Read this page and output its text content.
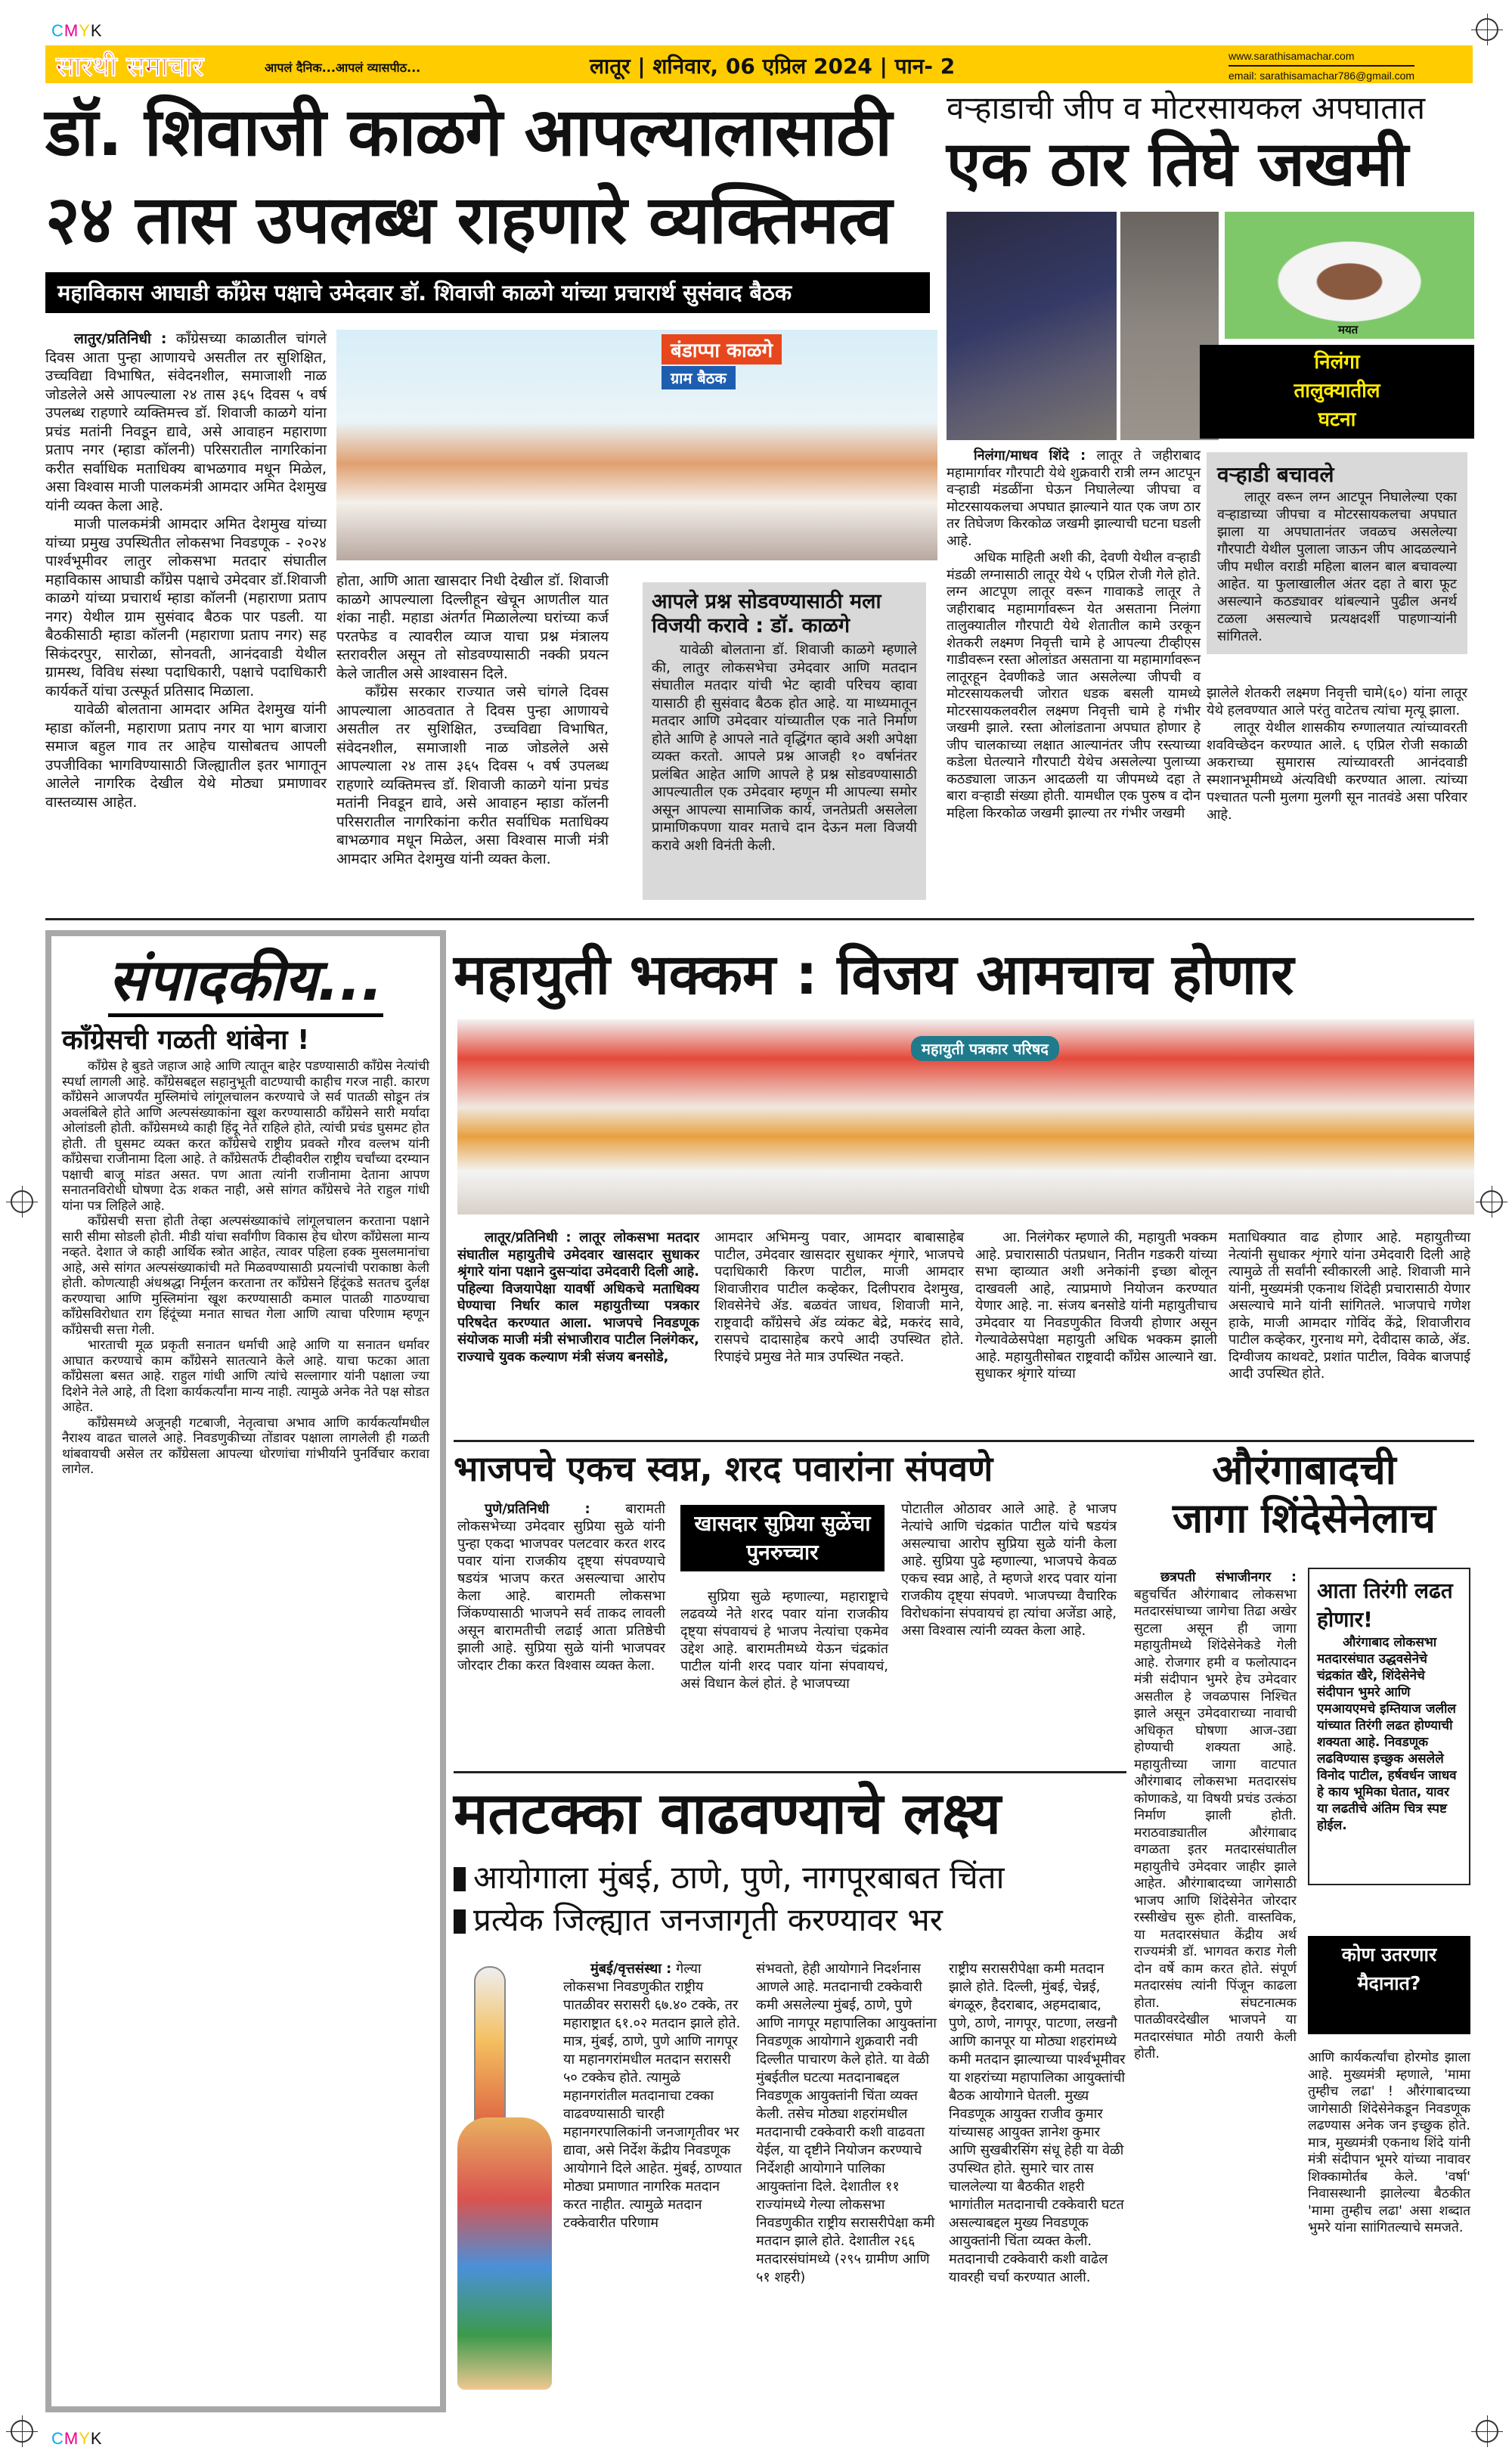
CMYK
CMYK
सारथी समाचार	आपलं दैनिक...आपलं व्यासपीठ...	लातूर | शनिवार, 06 एप्रिल 2024 | पान- 2	www.sarathisamachar.com
email: sarathisamachar786@gmail.com
डॉ. शिवाजी काळगे आपल्यालासाठी
२४ तास उपलब्ध राहणारे व्यक्तिमत्व
महाविकास आघाडी काँग्रेस पक्षाचे उमेदवार डॉ. शिवाजी काळगे यांच्या प्रचारार्थ सुसंवाद बैठक

लातुर/प्रतिनिधी : काँग्रेसच्या काळातील चांगले दिवस आता पुन्हा आणायचे असतील तर सुशिक्षित, उच्चविद्या विभाषित, संवेदनशील, समाजाशी नाळ जोडलेले असे आपल्याला २४ तास ३६५ दिवस ५ वर्ष उपलब्ध राहणारे व्यक्तिमत्त्व डॉ. शिवाजी काळगे यांना प्रचंड मतांनी निवडून द्यावे, असे आवाहन महाराणा प्रताप नगर (म्हाडा कॉलनी) परिसरातील नागरिकांना करीत सर्वाधिक मताधिक्य बाभळगाव मधून मिळेल, असा विश्वास माजी पालकमंत्री आमदार अमित देशमुख यांनी व्यक्त केला आहे.

माजी पालकमंत्री आमदार अमित देशमुख यांच्या यांच्या प्रमुख उपस्थितीत लोकसभा निवडणूक - २०२४ पार्श्वभूमीवर लातुर लोकसभा मतदार संघातील महाविकास आघाडी काँग्रेस पक्षाचे उमेदवार डॉ.शिवाजी काळगे यांच्या प्रचारार्थ म्हाडा कॉलनी (महाराणा प्रताप नगर) येथील ग्राम सुसंवाद बैठक पार पडली. या बैठकीसाठी म्हाडा कॉलनी (महाराणा प्रताप नगर) सह सिकंदरपुर, सारोळा, सोनवती, आनंदवाडी येथील ग्रामस्थ, विविध संस्था पदाधिकारी, पक्षाचे पदाधिकारी कार्यकर्ते यांचा उत्स्फूर्त प्रतिसाद मिळाला.

यावेळी बोलताना आमदार अमित देशमुख यांनी म्हाडा कॉलनी, महाराणा प्रताप नगर या भाग बाजारा समाज बहुल गाव तर आहेच यासोबतच आपली उपजीविका भागविण्यासाठी जिल्ह्यातील इतर भागातून आलेले नागरिक देखील येथे मोठ्या प्रमाणावर वास्तव्यास आहेत.

बंडाप्पा काळगे
ग्राम बैठक

होता, आणि आता खासदार निधी देखील डॉ. शिवाजी काळगे आपल्याला दिल्लीहून खेचून आणतील यात शंका नाही. महाडा अंतर्गत मिळालेल्या घरांच्या कर्ज परतफेड व त्यावरील व्याज याचा प्रश्न मंत्रालय स्तरावरील असून तो सोडवण्यासाठी नक्की प्रयत्न केले जातील असे आश्वासन दिले.

काँग्रेस सरकार राज्यात जसे चांगले दिवस आपल्याला आठवतात ते दिवस पुन्हा आणायचे असतील तर सुशिक्षित, उच्चविद्या विभाषित, संवेदनशील, समाजाशी नाळ जोडलेले असे आपल्याला २४ तास ३६५ दिवस ५ वर्ष उपलब्ध राहणारे व्यक्तिमत्त्व डॉ. शिवाजी काळगे यांना प्रचंड मतांनी निवडून द्यावे, असे आवाहन म्हाडा कॉलनी परिसरातील नागरिकांना करीत सर्वाधिक मताधिक्य बाभळगाव मधून मिळेल, असा विश्वास माजी मंत्री आमदार अमित देशमुख यांनी व्यक्त केला.

आपले प्रश्न सोडवण्यासाठी मला विजयी करावे : डॉ. काळगे

यावेळी बोलताना डॉ. शिवाजी काळगे म्हणाले की, लातुर लोकसभेचा उमेदवार आणि मतदान संघातील मतदार यांची भेट व्हावी परिचय व्हावा यासाठी ही सुसंवाद बैठक होत आहे. या माध्यमातून मतदार आणि उमेदवार यांच्यातील एक नाते निर्माण होते आणि हे आपले नाते वृद्धिंगत व्हावे अशी अपेक्षा व्यक्त करतो. आपले प्रश्न आजही १० वर्षानंतर प्रलंबित आहेत आणि आपले हे प्रश्न सोडवण्यासाठी आपल्यातील एक उमेदवार म्हणून मी आपल्या समोर असून आपल्या सामाजिक कार्य, जनतेप्रती असलेला प्रामाणिकपणा यावर मताचे दान देऊन मला विजयी करावे अशी विनंती केली.

वऱ्हाडाची जीप व मोटरसायकल अपघातात
एक ठार तिघे जखमी
मयत
निलंगा
तालुक्यातील
घटना

निलंगा/माधव शिंदे : लातूर ते जहीराबाद महामार्गावर गौरपाटी येथे शुक्रवारी रात्री लग्न आटपून वऱ्हाडी मंडळींना घेऊन निघालेल्या जीपचा व मोटरसायकलचा अपघात झाल्याने यात एक जण ठार तर तिघेजण किरकोळ जखमी झाल्याची घटना घडली आहे.

अधिक माहिती अशी की, देवणी येथील वऱ्हाडी मंडळी लग्नासाठी लातूर येथे ५ एप्रिल रोजी गेले होते. लग्न आटपूण लातूर वरून गावाकडे लातूर ते जहीराबाद महामार्गावरून येत असताना निलंगा तालुक्यातील गौरपाटी येथे शेतातील कामे उरकून शेतकरी लक्ष्मण निवृत्ती चामे हे आपल्या टीव्हीएस गाडीवरून रस्ता ओलांडत असताना या महामार्गावरून लातूरहून देवणीकडे जात असलेल्या जीपची व मोटरसायकलची जोरात धडक बसली यामध्ये मोटरसायकलवरील लक्ष्मण निवृत्ती चामे हे गंभीर जखमी झाले. रस्ता ओलांडताना अपघात होणार हे जीप चालकाच्या लक्षात आल्यानंतर जीप रस्त्याच्या कडेला घेतल्याने गौरपाटी येथेच असलेल्या पुलाच्या कठड्याला जाऊन आदळली या जीपमध्ये दहा ते बारा वऱ्हाडी संख्या होती. यामधील एक पुरुष व दोन महिला किरकोळ जखमी झाल्या तर गंभीर जखमी

वऱ्हाडी बचावले

लातूर वरून लग्न आटपून निघालेल्या एका वऱ्हाडाच्या जीपचा व मोटरसायकलचा अपघात झाला या अपघातानंतर जवळच असलेल्या गौरपाटी येथील पुलाला जाऊन जीप आदळल्याने जीप मधील वराडी महिला बालन बाल बचावल्या आहेत. या फुलाखालील अंतर दहा ते बारा फूट असल्याने कठड्यावर थांबल्याने पुढील अनर्थ टळला असल्याचे प्रत्यक्षदर्शी पाहणाऱ्यांनी सांगितले.

झालेले शेतकरी लक्ष्मण निवृत्ती चामे(६०) यांना लातूर येथे हलवण्यात आले परंतु वाटेतच त्यांचा मृत्यू झाला.

लातूर येथील शासकीय रुग्णालयात त्यांच्यावरती शवविच्छेदन करण्यात आले. ६ एप्रिल रोजी सकाळी अकराच्या सुमारास त्यांच्यावरती आनंदवाडी स्मशानभूमीमध्ये अंत्यविधी करण्यात आला. त्यांच्या पश्चातत पत्नी मुलगा मुलगी सून नातवंडे असा परिवार आहे.

संपादकीय...
काँग्रेसची गळती थांबेना !

काँग्रेस हे बुडते जहाज आहे आणि त्यातून बाहेर पडण्यासाठी काँग्रेस नेत्यांची स्पर्धा लागली आहे. काँग्रेसबद्दल सहानुभूती वाटण्याची काहीच गरज नाही. कारण काँग्रेसने आजपर्यंत मुस्लिमांचे लांगूलचालन करण्याचे जे सर्व पातळी सोडून तंत्र अवलंबिले होते आणि अल्पसंख्याकांना खूश करण्यासाठी काँग्रेसने सारी मर्यादा ओलांडली होती. काँग्रेसमध्ये काही हिंदू नेते राहिले होते, त्यांची प्रचंड घुसमट होत होती. ती घुसमट व्यक्त करत काँग्रेसचे राष्ट्रीय प्रवक्ते गौरव वल्लभ यांनी काँग्रेसचा राजीनामा दिला आहे. ते काँग्रेसतर्फे टीव्हीवरील राष्ट्रीय चर्चांच्या दरम्यान पक्षाची बाजू मांडत असत. पण आता त्यांनी राजीनामा देताना आपण सनातनविरोधी घोषणा देऊ शकत नाही, असे सांगत काँग्रेसचे नेते राहुल गांधी यांना पत्र लिहिले आहे.

काँग्रेसची सत्ता होती तेव्हा अल्पसंख्याकांचे लांगूलचालन करताना पक्षाने सारी सीमा सोडली होती. मीडी यांचा सर्वांगीण विकास हेच धोरण काँग्रेसला मान्य नव्हते. देशात जे काही आर्थिक स्त्रोत आहेत, त्यावर पहिला हक्क मुसलमानांचा आहे, असे सांगत अल्पसंख्याकांची मते मिळवण्यासाठी प्रयत्नांची पराकाष्ठा केली होती. कोणत्याही अंधश्रद्धा निर्मूलन करताना तर काँग्रेसने हिंदूंकडे सततच दुर्लक्ष करण्याचा आणि मुस्लिमांना खूश करण्यासाठी कमाल पातळी गाठण्याचा काँग्रेसविरोधात राग हिंदूंच्या मनात साचत गेला आणि त्याचा परिणाम म्हणून काँग्रेसची सत्ता गेली.

भारताची मूळ प्रकृती सनातन धर्माची आहे आणि या सनातन धर्मावर आघात करण्याचे काम काँग्रेसने सातत्याने केले आहे. याचा फटका आता काँग्रेसला बसत आहे. राहुल गांधी आणि त्यांचे सल्लागार यांनी पक्षाला ज्या दिशेने नेले आहे, ती दिशा कार्यकर्त्यांना मान्य नाही. त्यामुळे अनेक नेते पक्ष सोडत आहेत.

काँग्रेसमध्ये अजूनही गटबाजी, नेतृत्वाचा अभाव आणि कार्यकर्त्यांमधील नैराश्य वाढत चालले आहे. निवडणुकीच्या तोंडावर पक्षाला लागलेली ही गळती थांबवायची असेल तर काँग्रेसला आपल्या धोरणांचा गांभीर्याने पुनर्विचार करावा लागेल.

महायुती भक्कम : विजय आमचाच होणार
महायुती पत्रकार परिषद

लातूर/प्रतिनिधी : लातूर लोकसभा मतदार संघातील महायुतीचे उमेदवार खासदार सुधाकर श्रृंगारे यांना पक्षाने दुसऱ्यांदा उमेदवारी दिली आहे. पहिल्या विजयापेक्षा यावर्षी अधिकचे मताधिक्य घेण्याचा निर्धार काल महायुतीच्या पत्रकार परिषदेत करण्यात आला. भाजपचे निवडणूक संयोजक माजी मंत्री संभाजीराव पाटील निलंगेकर, राज्याचे युवक कल्याण मंत्री संजय बनसोडे,

आमदार अभिमन्यु पवार, आमदार बाबासाहेब पाटील, उमेदवार खासदार सुधाकर शृंगारे, भाजपचे पदाधिकारी किरण पाटील, माजी आमदार शिवाजीराव पाटील कव्हेकर, दिलीपराव देशमुख, शिवसेनेचे ॲड. बळवंत जाधव, शिवाजी माने, राष्ट्रवादी काँग्रेसचे ॲड व्यंकट बेद्रे, मकरंद सावे, रासपचे दादासाहेब करपे आदी उपस्थित होते. रिपाइंचे प्रमुख नेते मात्र उपस्थित नव्हते.

आ. निलंगेकर म्हणाले की, महायुती भक्कम आहे. प्रचारासाठी पंतप्रधान, नितीन गडकरी यांच्या सभा व्हाव्यात अशी अनेकांनी इच्छा बोलून दाखवली आहे, त्याप्रमाणे नियोजन करण्यात येणार आहे. ना. संजय बनसोडे यांनी महायुतीचाच उमेदवार या निवडणुकीत विजयी होणार असून गेल्यावेळेसपेक्षा महायुती अधिक भक्कम झाली आहे. महायुतीसोबत राष्ट्रवादी काँग्रेस आल्याने खा. सुधाकर श्रृंगारे यांच्या

मताधिक्यात वाढ होणार आहे. महायुतीच्या नेत्यांनी सुधाकर शृंगारे यांना उमेदवारी दिली आहे त्यामुळे ती सर्वांनी स्वीकारली आहे. शिवाजी माने यांनी, मुख्यमंत्री एकनाथ शिंदेही प्रचारासाठी येणार असल्याचे माने यांनी सांगितले. भाजपाचे गणेश हाके, माजी आमदार गोविंद केंद्रे, शिवाजीराव पाटील कव्हेकर, गुरनाथ मगे, देवीदास काळे, ॲड. दिग्वीजय काथवटे, प्रशांत पाटील, विवेक बाजपाई आदी उपस्थित होते.

भाजपचे एकच स्वप्न, शरद पवारांना संपवणे

पुणे/प्रतिनिधी :	बारामती लोकसभेच्या उमेदवार सुप्रिया सुळे यांनी पुन्हा एकदा भाजपवर पलटवार करत शरद पवार यांना राजकीय दृष्ट्या संपवण्याचे षडयंत्र भाजप करत असल्याचा आरोप केला आहे. बारामती लोकसभा जिंकण्यासाठी भाजपने सर्व ताकद लावली असून बारामतीची लढाई आता प्रतिष्ठेची झाली आहे. सुप्रिया सुळे यांनी भाजपवर जोरदार टीका करत विश्वास व्यक्त केला.

खासदार सुप्रिया सुळेंचा पुनरुच्चार

सुप्रिया सुळे म्हणाल्या, महाराष्ट्राचे लढवय्ये नेते शरद पवार यांना राजकीय दृष्ट्या संपवायचं हे भाजप नेत्यांचा एकमेव उद्देश आहे. बारामतीमध्ये येऊन चंद्रकांत पाटील यांनी शरद पवार यांना संपवायचं, असं विधान केलं होतं. हे भाजपच्या

पोटातील ओठावर आले आहे. हे भाजप नेत्यांचे आणि चंद्रकांत पाटील यांचे षडयंत्र असल्याचा आरोप सुप्रिया सुळे यांनी केला आहे. सुप्रिया पुढे म्हणाल्या, भाजपचे केवळ एकच स्वप्न आहे, ते म्हणजे शरद पवार यांना राजकीय दृष्ट्या संपवणे. भाजपच्या वैचारिक विरोधकांना संपवायचं हा त्यांचा अजेंडा आहे, असा विश्वास त्यांनी व्यक्त केला आहे.

औरंगाबादची
जागा शिंदेसेनेलाच

छत्रपती संभाजीनगर : बहुचर्चित औरंगाबाद लोकसभा मतदारसंघाच्या जागेचा तिढा अखेर सुटला असून ही जागा महायुतीमध्ये शिंदेसेनेकडे गेली आहे. रोजगार हमी व फलोत्पादन मंत्री संदीपान भुमरे हेच उमेदवार असतील हे जवळपास निश्चित झाले असून उमेदवाराच्या नावाची अधिकृत घोषणा आज-उद्या होण्याची शक्यता आहे. महायुतीच्या जागा वाटपात औरंगाबाद लोकसभा मतदारसंघ कोणाकडे, या विषयी प्रचंड उत्कंठा निर्माण झाली होती. मराठवाड्यातील औरंगाबाद वगळता इतर मतदारसंघातील महायुतीचे उमेदवार जाहीर झाले आहेत. औरंगाबादच्या जागेसाठी भाजप आणि शिंदेसेनेत जोरदार रस्सीखेच सुरू होती. वास्तविक, या मतदारसंघात केंद्रीय अर्थ राज्यमंत्री डॉ. भागवत कराड गेली दोन वर्षे काम करत होते. संपूर्ण मतदारसंघ त्यांनी पिंजून काढला होता. संघटनात्मक पातळीवरदेखील भाजपने या मतदारसंघात मोठी तयारी केली होती.

आता तिरंगी लढत होणार!

औरंगाबाद लोकसभा मतदारसंघात उद्धवसेनेचे चंद्रकांत खैरे, शिंदेसेनेचे संदीपान भुमरे आणि एमआयएमचे इम्तियाज जलील यांच्यात तिरंगी लढत होण्याची शक्यता आहे. निवडणूक लढविण्यास इच्छुक असलेले विनोद पाटील, हर्षवर्धन जाधव हे काय भूमिका घेतात, यावर या लढतीचे अंतिम चित्र स्पष्ट होईल.

कोण उतरणार मैदानात?

आणि कार्यकर्त्यांचा होरमोड झाला आहे. मुख्यमंत्री म्हणाले, 'मामा तुम्हीच लढा' ! औरंगाबादच्या जागेसाठी शिंदेसेनेकडून निवडणूक लढण्यास अनेक जन इच्छुक होते. मात्र, मुख्यमंत्री एकनाथ शिंदे यांनी मंत्री संदीपान भूमरे यांच्या नावावर शिक्कामोर्तब केले. 'वर्षा' निवासस्थानी झालेल्या बैठकीत 'मामा तुम्हीच लढा' असा शब्दात भुमरे यांना साांगितल्याचे समजते.

मतटक्का वाढवण्याचे लक्ष्य
आयोगाला मुंबई, ठाणे, पुणे, नागपूरबाबत चिंता
प्रत्येक जिल्ह्यात जनजागृती करण्यावर भर

मुंबई/वृत्तसंस्था : गेल्या लोकसभा निवडणुकीत राष्ट्रीय पातळीवर सरासरी ६७.४० टक्के, तर महाराष्ट्रात ६१.०२ मतदान झाले होते. मात्र, मुंबई, ठाणे, पुणे आणि नागपूर या महानगरांमधील मतदान सरासरी ५० टक्केच होते. त्यामुळे महानगरांतील मतदानाचा टक्का वाढवण्यासाठी चारही महानगरपालिकांनी जनजागृतीवर भर द्यावा, असे निर्देश केंद्रीय निवडणूक आयोगाने दिले आहेत. मुंबई, ठाण्यात मोठ्या प्रमाणात नागरिक मतदान करत नाहीत. त्यामुळे मतदान टक्केवारीत परिणाम

संभवतो, हेही आयोगाने निदर्शनास आणले आहे. मतदानाची टक्केवारी कमी असलेल्या मुंबई, ठाणे, पुणे आणि नागपूर महापालिका आयुक्तांना निवडणूक आयोगाने शुक्रवारी नवी दिल्लीत पाचारण केले होते. या वेळी मुंबईतील घटत्या मतदानाबद्दल निवडणूक आयुक्तांनी चिंता व्यक्त केली. तसेच मोठ्या शहरांमधील मतदानाची टक्केवारी कशी वाढवता येईल, या दृष्टीने नियोजन करण्याचे निर्देशही आयोगाने पालिका आयुक्तांना दिले. देशातील ११ राज्यांमध्ये गेल्या लोकसभा निवडणुकीत राष्ट्रीय सरासरीपेक्षा कमी मतदान झाले होते. देशातील २६६ मतदारसंघांमध्ये (२९५ ग्रामीण आणि ५१ शहरी)

राष्ट्रीय सरासरीपेक्षा कमी मतदान झाले होते. दिल्ली, मुंबई, चेन्नई, बंगळूरु, हैदराबाद, अहमदाबाद, पुणे, ठाणे, नागपूर, पाटणा, लखनौ आणि कानपूर या मोठ्या शहरांमध्ये कमी मतदान झाल्याच्या पार्श्वभूमीवर या शहरांच्या महापालिका आयुक्तांची बैठक आयोगाने घेतली. मुख्य निवडणूक आयुक्त राजीव कुमार यांच्यासह आयुक्त ज्ञानेश कुमार आणि सुखबीरसिंग संधू हेही या वेळी उपस्थित होते. सुमारे चार तास चाललेल्या या बैठकीत शहरी भागांतील मतदानाची टक्केवारी घटत असल्याबद्दल मुख्य निवडणूक आयुक्तांनी चिंता व्यक्त केली. मतदानाची टक्केवारी कशी वाढेल यावरही चर्चा करण्यात आली.
